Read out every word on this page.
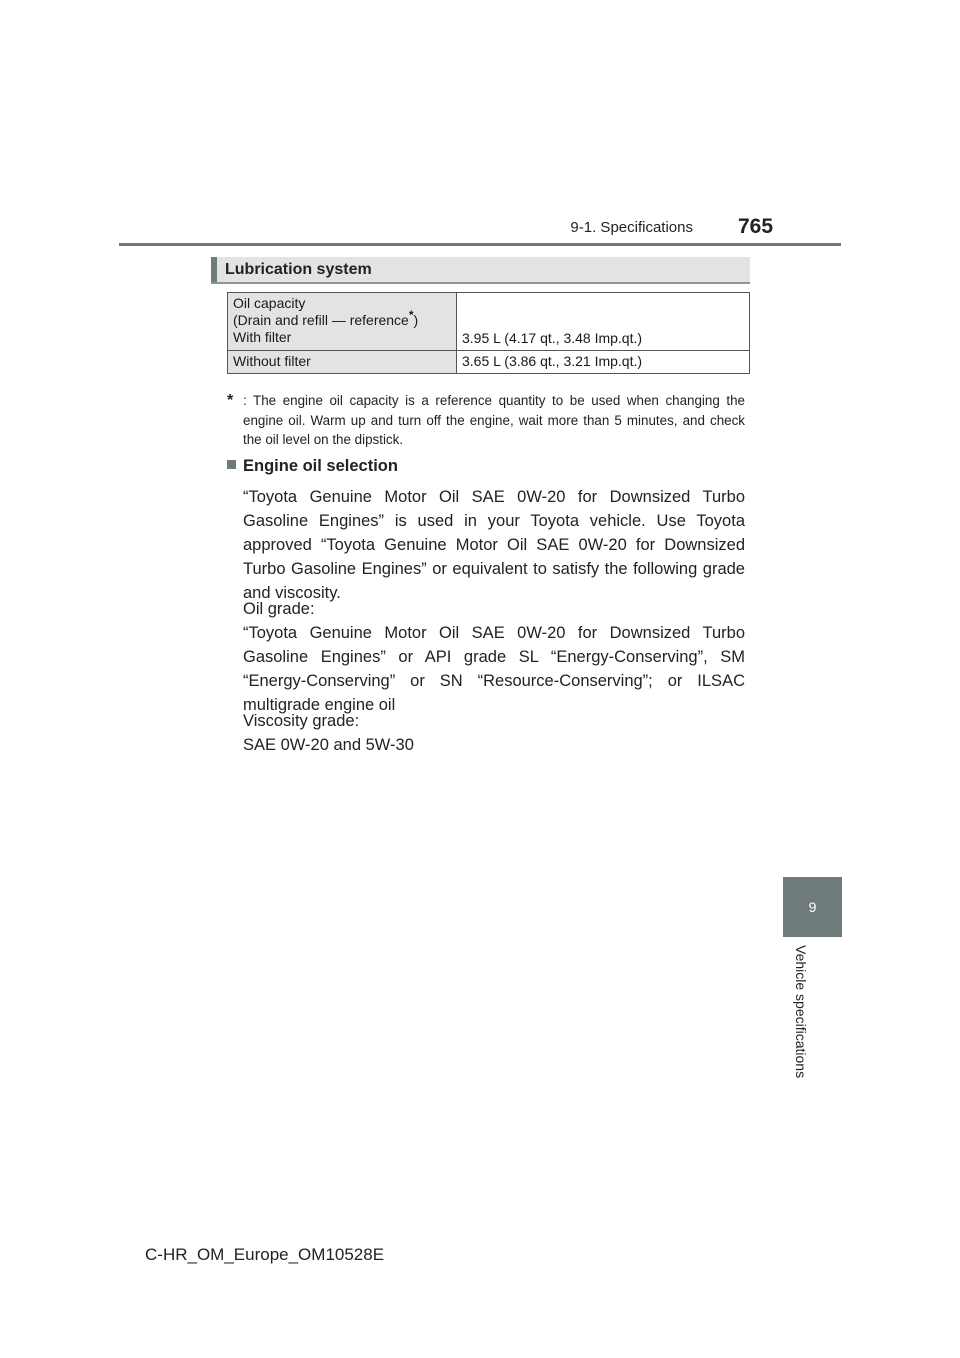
9-1. Specifications 765
9
Vehicle specifications
Lubrication system
Oil capacity
(Drain and refill — reference*)
With filter	3.95 L (4.17 qt., 3.48 Imp.qt.)
Without filter	3.65 L (3.86 qt., 3.21 Imp.qt.)
* : The engine oil capacity is a reference quantity to be used when changing the engine oil. Warm up and turn off the engine, wait more than 5 minutes, and check the oil level on the dipstick.
Engine oil selection
“Toyota Genuine Motor Oil SAE 0W-20 for Downsized Turbo Gasoline Engines” is used in your Toyota vehicle. Use Toyota approved “Toyota Genuine Motor Oil SAE 0W-20 for Downsized Turbo Gasoline Engines” or equivalent to satisfy the following grade and viscosity.
Oil grade:
“Toyota Genuine Motor Oil SAE 0W-20 for Downsized Turbo Gasoline Engines” or API grade SL “Energy-Conserving”, SM “Energy-Conserving” or SN “Resource-Conserving”; or ILSAC multigrade engine oil
Viscosity grade:
SAE 0W-20 and 5W-30
C-HR_OM_Europe_OM10528E
